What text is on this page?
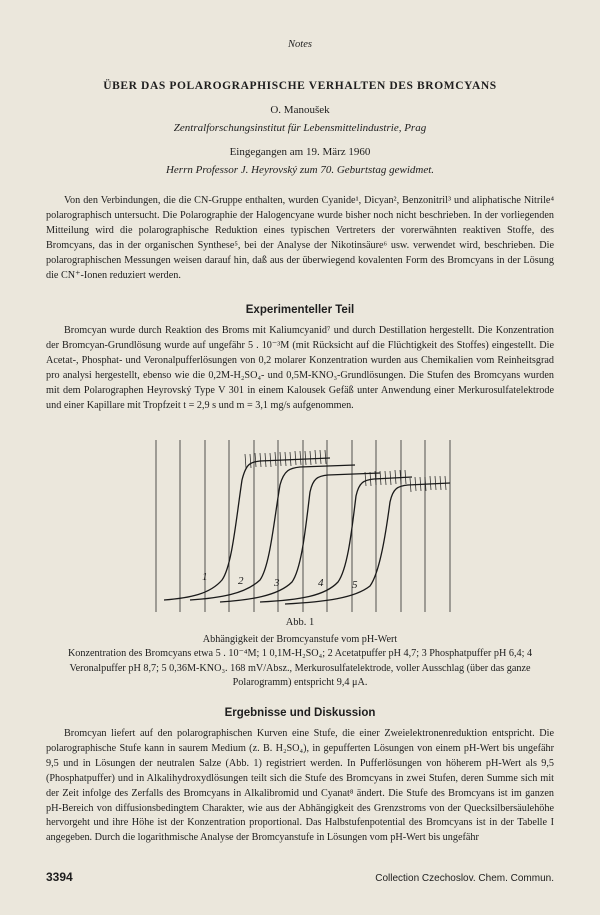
Notes
ÜBER DAS POLAROGRAPHISCHE VERHALTEN DES BROMCYANS
O. Manoušek
Zentralforschungsinstitut für Lebensmittelindustrie, Prag
Eingegangen am 19. März 1960
Herrn Professor J. Heyrovský zum 70. Geburtstag gewidmet.
Von den Verbindungen, die die CN-Gruppe enthalten, wurden Cyanide¹, Dicyan², Benzonitril³ und aliphatische Nitrile⁴ polarographisch untersucht. Die Polarographie der Halogencyane wurde bisher noch nicht beschrieben. In der vorliegenden Mitteilung wird die polarographische Reduktion eines typischen Vertreters der vorerwähnten reaktiven Stoffe, des Bromcyans, das in der organischen Synthese⁵, bei der Analyse der Nikotinsäure⁶ usw. verwendet wird, beschrieben. Die polarographischen Messungen weisen darauf hin, daß aus der überwiegend kovalenten Form des Bromcyans in der Lösung die CN⁺-Ionen reduziert werden.
Experimenteller Teil
Bromcyan wurde durch Reaktion des Broms mit Kaliumcyanid⁷ und durch Destillation hergestellt. Die Konzentration der Bromcyan-Grundlösung wurde auf ungefähr 5 . 10⁻³M (mit Rücksicht auf die Flüchtigkeit des Stoffes) eingestellt. Die Acetat-, Phosphat- und Veronalpufferlösungen von 0,2 molarer Konzentration wurden aus Chemikalien vom Reinheitsgrad pro analysi hergestellt, ebenso wie die 0,2M-H₂SO₄- und 0,5M-KNO₃-Grundlösungen. Die Stufen des Bromcyans wurden mit dem Polarographen Heyrovský Type V 301 in einem Kalousek Gefäß unter Anwendung einer Merkurosulfatelektrode und einer Kapillare mit Tropfzeit t = 2,9 s und m = 3,1 mg/s aufgenommen.
1	2	3	4	5
Abb. 1
Abhängigkeit der Bromcyanstufe vom pH-Wert
Konzentration des Bromcyans etwa 5 . 10⁻⁴M; 1 0,1M-H₂SO₄; 2 Acetatpuffer pH 4,7; 3 Phosphatpuffer pH 6,4; 4 Veronalpuffer pH 8,7; 5 0,36M-KNO₃. 168 mV/Absz., Merkurosulfatelektrode, voller Ausschlag (über das ganze Polarogramm) entspricht 9,4 μA.
Ergebnisse und Diskussion
Bromcyan liefert auf den polarographischen Kurven eine Stufe, die einer Zweielektronenreduktion entspricht. Die polarographische Stufe kann in saurem Medium (z. B. H₂SO₄), in gepufferten Lösungen von einem pH-Wert bis ungefähr 9,5 und in Lösungen der neutralen Salze (Abb. 1) registriert werden. In Pufferlösungen von höherem pH-Wert als 9,5 (Phosphatpuffer) und in Alkalihydroxydlösungen teilt sich die Stufe des Bromcyans in zwei Stufen, deren Summe sich mit der Zeit infolge des Zerfalls des Bromcyans in Alkalibromid und Cyanat⁸ ändert. Die Stufe des Bromcyans ist im ganzen pH-Bereich von diffusionsbedingtem Charakter, wie aus der Abhängigkeit des Grenzstroms von der Quecksilbersäulehöhe hervorgeht und ihre Höhe ist der Konzentration proportional. Das Halbstufenpotential des Bromcyans ist in der Tabelle I angegeben. Durch die logarithmische Analyse der Bromcyanstufe in Lösungen vom pH-Wert bis ungefähr
3394	Collection Czechoslov. Chem. Commun.
